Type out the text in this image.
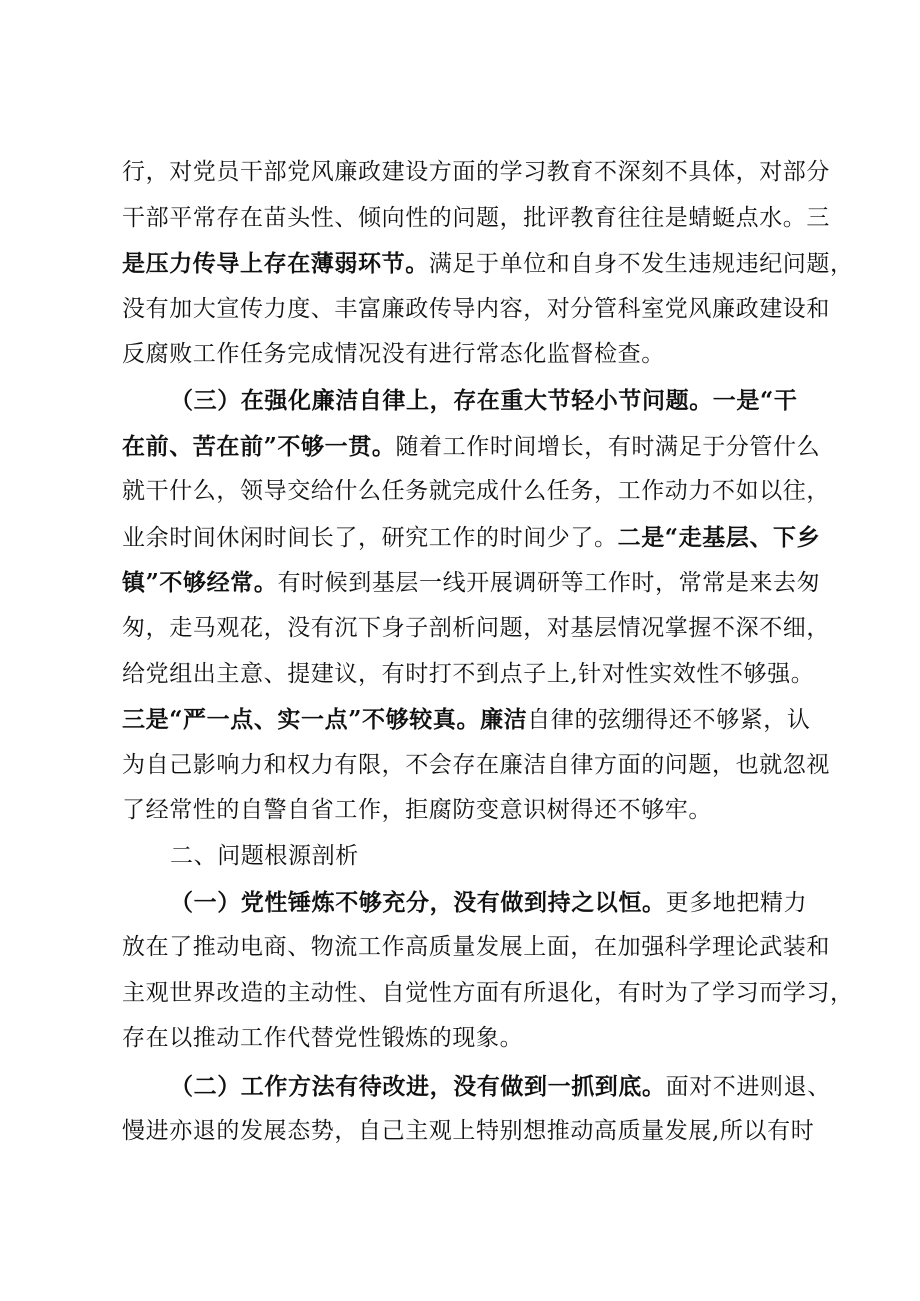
行，对党员干部党风廉政建设方面的学习教育不深刻不具体，对部分
干部平常存在苗头性、倾向性的问题，批评教育往往是蜻蜓点水。三
是压力传导上存在薄弱环节。满足于单位和自身不发生违规违纪问题，
没有加大宣传力度、丰富廉政传导内容，对分管科室党风廉政建设和
反腐败工作任务完成情况没有进行常态化监督检查。
（三）在强化廉洁自律上，存在重大节轻小节问题。一是“干
在前、苦在前”不够一贯。随着工作时间增长，有时满足于分管什么
就干什么，领导交给什么任务就完成什么任务，工作动力不如以往，
业余时间休闲时间长了，研究工作的时间少了。二是“走基层、下乡
镇”不够经常。有时候到基层一线开展调研等工作时，常常是来去匆
匆，走马观花，没有沉下身子剖析问题，对基层情况掌握不深不细，
给党组出主意、提建议，有时打不到点子上,针对性实效性不够强。
三是“严一点、实一点”不够较真。廉洁自律的弦绷得还不够紧，认
为自己影响力和权力有限，不会存在廉洁自律方面的问题，也就忽视
了经常性的自警自省工作，拒腐防变意识树得还不够牢。
二、问题根源剖析
（一）党性锤炼不够充分，没有做到持之以恒。更多地把精力
放在了推动电商、物流工作高质量发展上面，在加强科学理论武装和
主观世界改造的主动性、自觉性方面有所退化，有时为了学习而学习，
存在以推动工作代替党性锻炼的现象。
（二）工作方法有待改进，没有做到一抓到底。面对不进则退、
慢进亦退的发展态势，自己主观上特别想推动高质量发展,所以有时
